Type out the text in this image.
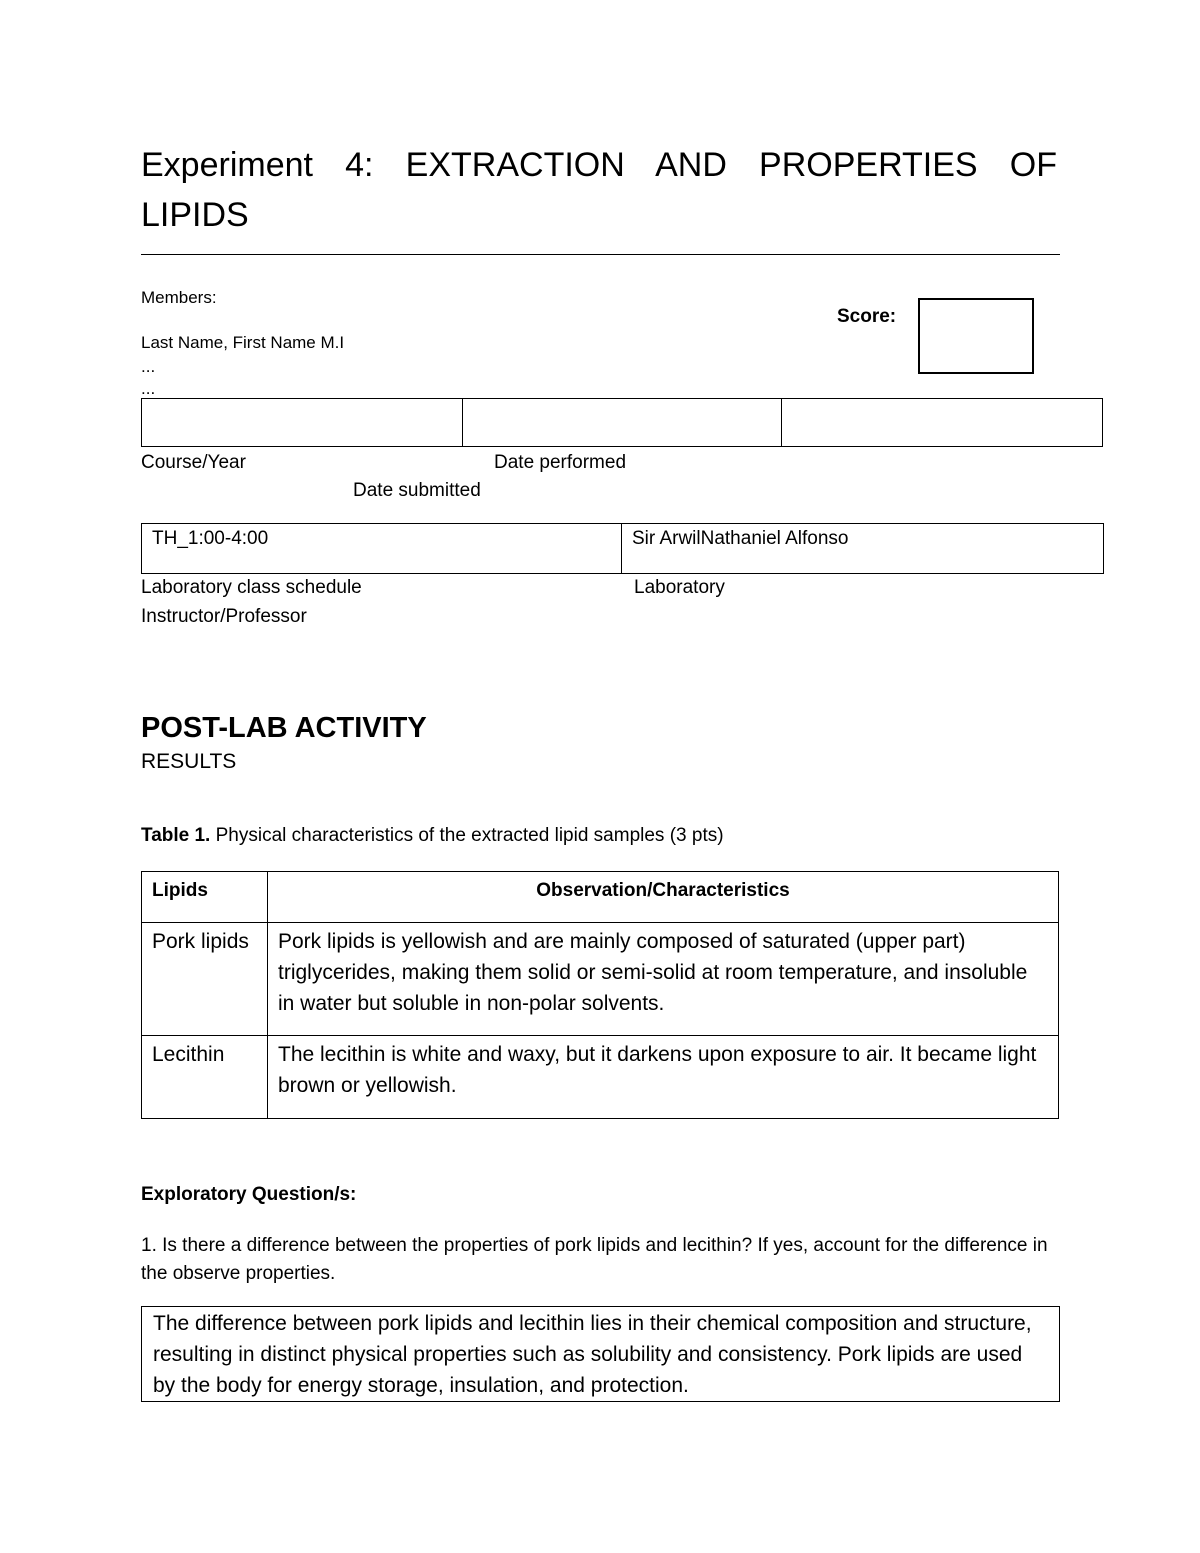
Experiment 4: EXTRACTION AND PROPERTIES OF LIPIDS
Members:
Last Name, First Name M.I
...
...
Score:
Course/Year	Date performed
Date submitted
TH_1:00-4:00	Sir ArwilNathaniel Alfonso
Laboratory class schedule	Laboratory
Instructor/Professor
POST-LAB ACTIVITY
RESULTS
Table 1. Physical characteristics of the extracted lipid samples (3 pts)
Lipids	Observation/Characteristics
Pork lipids	Pork lipids is yellowish and are mainly composed of saturated (upper part) triglycerides, making them solid or semi-solid at room temperature, and insoluble in water but soluble in non-polar solvents.
Lecithin	The lecithin is white and waxy, but it darkens upon exposure to air. It became light brown or yellowish.
Exploratory Question/s:
1. Is there a difference between the properties of pork lipids and lecithin? If yes, account for the difference in the observe properties.
The difference between pork lipids and lecithin lies in their chemical composition and structure, resulting in distinct physical properties such as solubility and consistency. Pork lipids are used by the body for energy storage, insulation, and protection.
